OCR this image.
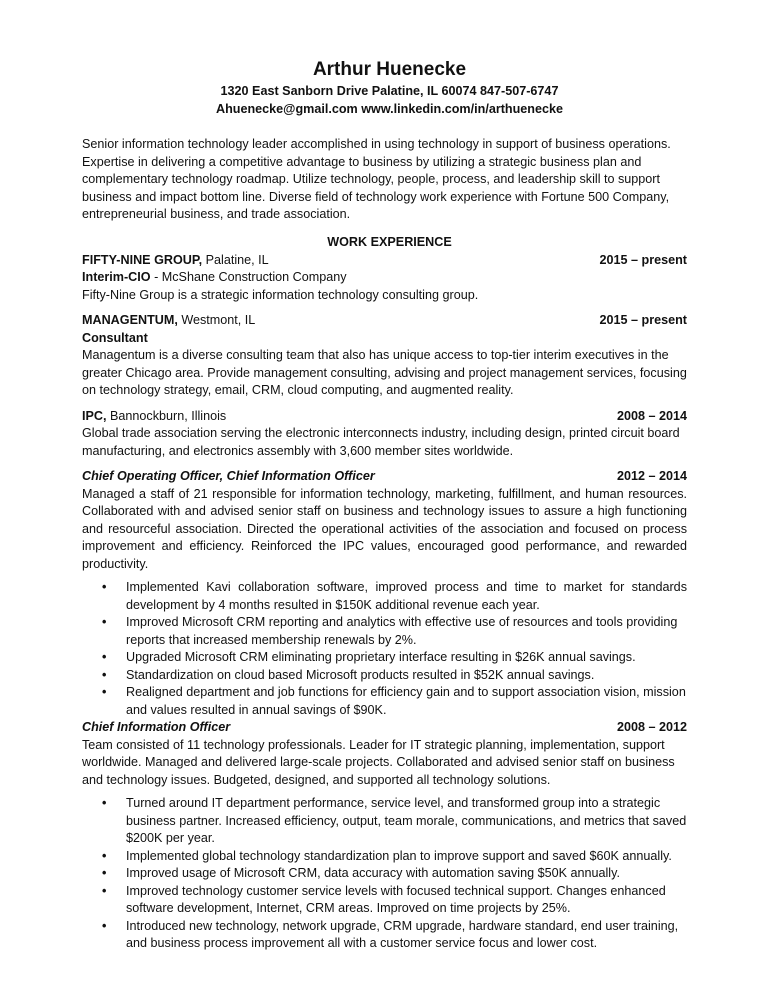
Arthur Huenecke
1320 East Sanborn Drive Palatine, IL 60074 847-507-6747
Ahuenecke@gmail.com www.linkedin.com/in/arthuenecke
Senior information technology leader accomplished in using technology in support of business operations. Expertise in delivering a competitive advantage to business by utilizing a strategic business plan and complementary technology roadmap. Utilize technology, people, process, and leadership skill to support business and impact bottom line. Diverse field of technology work experience with Fortune 500 Company, entrepreneurial business, and trade association.
WORK EXPERIENCE
FIFTY-NINE GROUP, Palatine, IL	2015 – present
Interim-CIO - McShane Construction Company
Fifty-Nine Group is a strategic information technology consulting group.
MANAGENTUM, Westmont, IL	2015 – present
Consultant
Managentum is a diverse consulting team that also has unique access to top-tier interim executives in the greater Chicago area. Provide management consulting, advising and project management services, focusing on technology strategy, email, CRM, cloud computing, and augmented reality.
IPC, Bannockburn, Illinois	2008 – 2014
Global trade association serving the electronic interconnects industry, including design, printed circuit board manufacturing, and electronics assembly with 3,600 member sites worldwide.
Chief Operating Officer, Chief Information Officer	2012 – 2014
Managed a staff of 21 responsible for information technology, marketing, fulfillment, and human resources. Collaborated with and advised senior staff on business and technology issues to assure a high functioning and resourceful association. Directed the operational activities of the association and focused on process improvement and efficiency. Reinforced the IPC values, encouraged good performance, and rewarded productivity.
• Implemented Kavi collaboration software, improved process and time to market for standards development by 4 months resulted in $150K additional revenue each year.
• Improved Microsoft CRM reporting and analytics with effective use of resources and tools providing reports that increased membership renewals by 2%.
• Upgraded Microsoft CRM eliminating proprietary interface resulting in $26K annual savings.
• Standardization on cloud based Microsoft products resulted in $52K annual savings.
• Realigned department and job functions for efficiency gain and to support association vision, mission and values resulted in annual savings of $90K.
Chief Information Officer	2008 – 2012
Team consisted of 11 technology professionals. Leader for IT strategic planning, implementation, support worldwide. Managed and delivered large-scale projects. Collaborated and advised senior staff on business and technology issues. Budgeted, designed, and supported all technology solutions.
• Turned around IT department performance, service level, and transformed group into a strategic business partner. Increased efficiency, output, team morale, communications, and metrics that saved $200K per year.
• Implemented global technology standardization plan to improve support and saved $60K annually.
• Improved usage of Microsoft CRM, data accuracy with automation saving $50K annually.
• Improved technology customer service levels with focused technical support. Changes enhanced software development, Internet, CRM areas. Improved on time projects by 25%.
• Introduced new technology, network upgrade, CRM upgrade, hardware standard, end user training, and business process improvement all with a customer service focus and lower cost.
